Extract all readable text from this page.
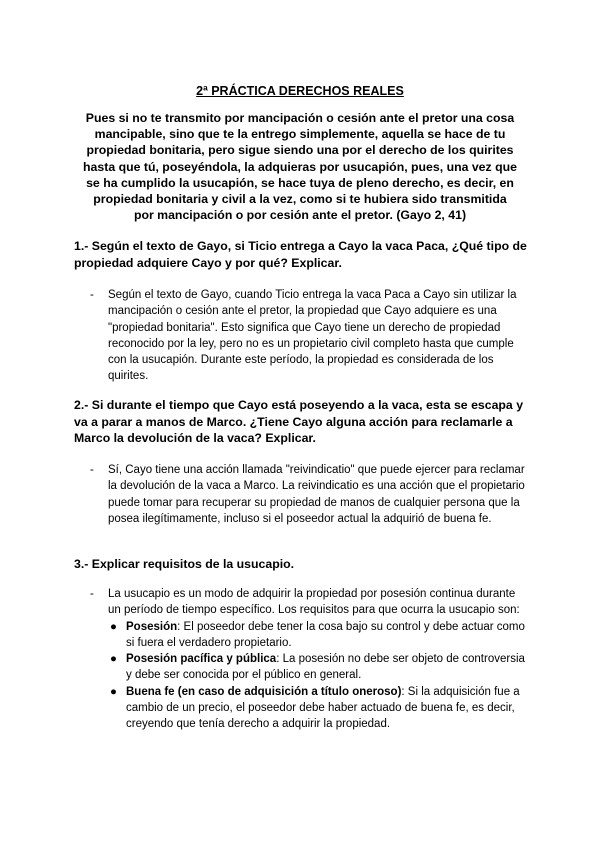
2ª PRÁCTICA DERECHOS REALES
Pues si no te transmito por mancipación o cesión ante el pretor una cosa mancipable, sino que te la entrego simplemente, aquella se hace de tu propiedad bonitaria, pero sigue siendo una por el derecho de los quirites hasta que tú, poseyéndola, la adquieras por usucapión, pues, una vez que se ha cumplido la usucapión, se hace tuya de pleno derecho, es decir, en propiedad bonitaria y civil a la vez, como si te hubiera sido transmitida por mancipación o por cesión ante el pretor. (Gayo 2, 41)
1.- Según el texto de Gayo, si Ticio entrega a Cayo la vaca Paca, ¿Qué tipo de propiedad adquiere Cayo y por qué? Explicar.
- Según el texto de Gayo, cuando Ticio entrega la vaca Paca a Cayo sin utilizar la mancipación o cesión ante el pretor, la propiedad que Cayo adquiere es una "propiedad bonitaria". Esto significa que Cayo tiene un derecho de propiedad reconocido por la ley, pero no es un propietario civil completo hasta que cumple con la usucapión. Durante este período, la propiedad es considerada de los quirites.
2.- Si durante el tiempo que Cayo está poseyendo a la vaca, esta se escapa y va a parar a manos de Marco. ¿Tiene Cayo alguna acción para reclamarle a Marco la devolución de la vaca? Explicar.
- Sí, Cayo tiene una acción llamada "reivindicatio" que puede ejercer para reclamar la devolución de la vaca a Marco. La reivindicatio es una acción que el propietario puede tomar para recuperar su propiedad de manos de cualquier persona que la posea ilegítimamente, incluso si el poseedor actual la adquirió de buena fe.
3.- Explicar requisitos de la usucapio.
- La usucapio es un modo de adquirir la propiedad por posesión continua durante un período de tiempo específico. Los requisitos para que ocurra la usucapio son:
● Posesión: El poseedor debe tener la cosa bajo su control y debe actuar como si fuera el verdadero propietario.
● Posesión pacífica y pública: La posesión no debe ser objeto de controversia y debe ser conocida por el público en general.
● Buena fe (en caso de adquisición a título oneroso): Si la adquisición fue a cambio de un precio, el poseedor debe haber actuado de buena fe, es decir, creyendo que tenía derecho a adquirir la propiedad.
